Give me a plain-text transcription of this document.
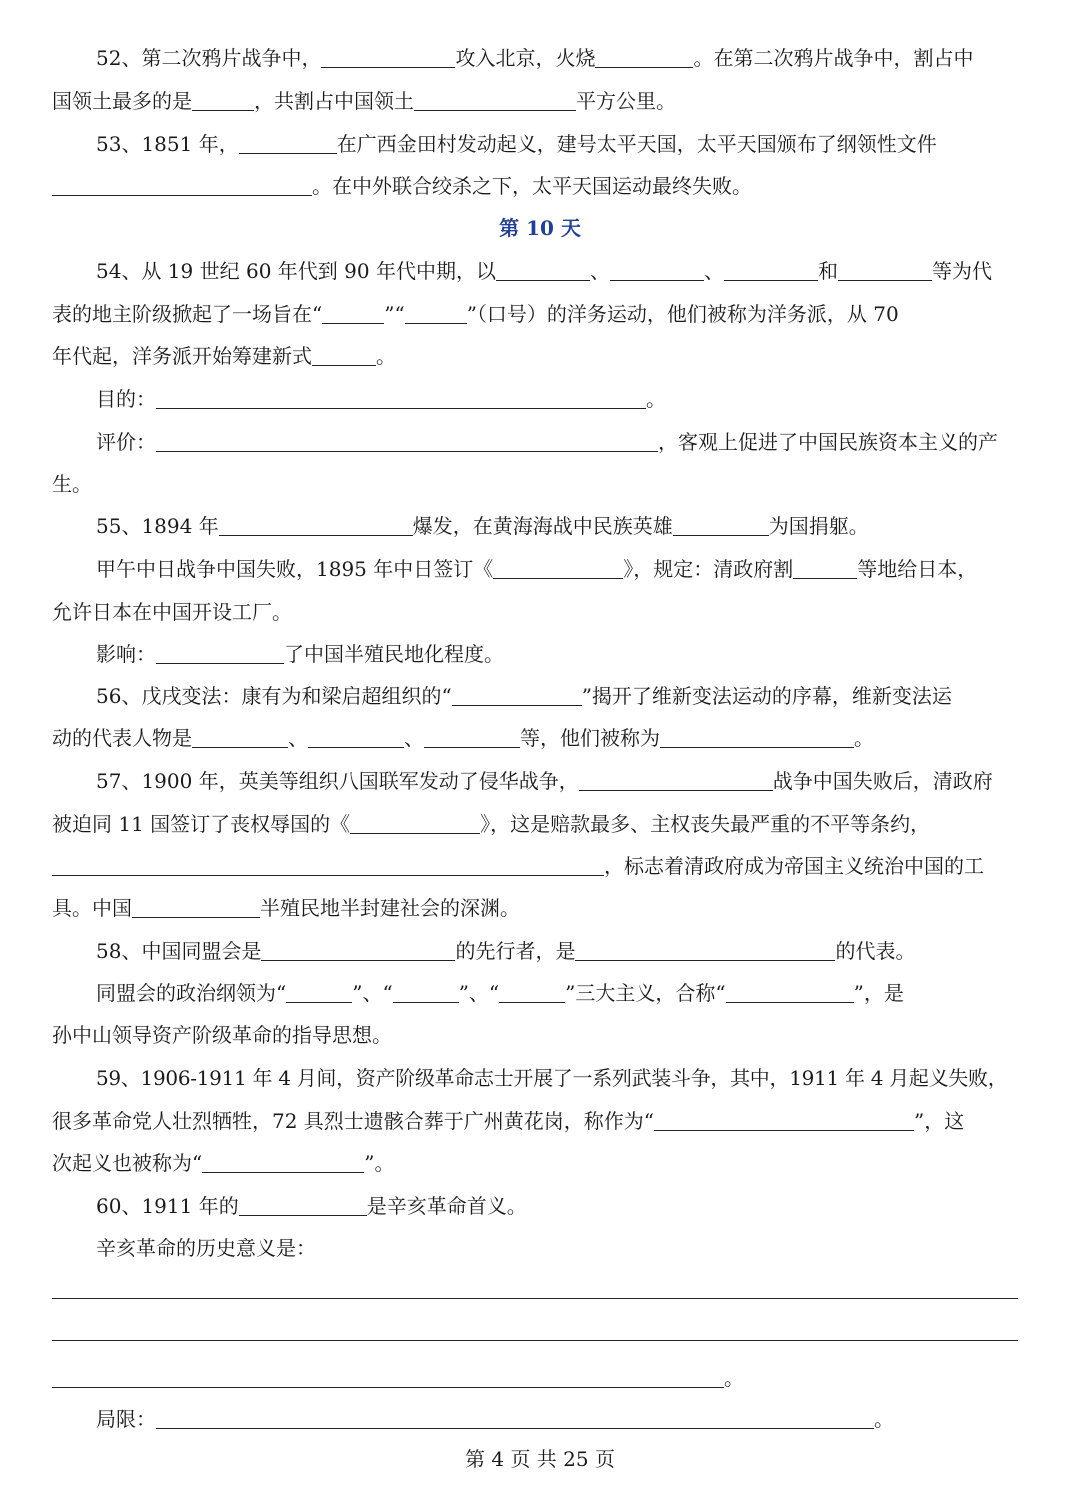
52、第二次鸦片战争中，	攻入北京，火烧	。在第二次鸦片战争中，割占中
国领土最多的是	，共割占中国领土	平方公里。
53、1851 年，	在广西金田村发动起义，建号太平天国，太平天国颁布了纲领性文件
。在中外联合绞杀之下，太平天国运动最终失败。
第 10 天
54、从 19 世纪 60 年代到 90 年代中期，以	、	、	和	等为代
表的地主阶级掀起了一场旨在“	”“	”（口号）的洋务运动，他们被称为洋务派，从 70
年代起，洋务派开始筹建新式	。
目的：	。
评价：	，客观上促进了中国民族资本主义的产
生。
55、1894 年	爆发，在黄海海战中民族英雄	为国捐躯。
甲午中日战争中国失败，1895 年中日签订《	》，规定：清政府割	等地给日本，
允许日本在中国开设工厂。
影响：	了中国半殖民地化程度。
56、戊戌变法：康有为和梁启超组织的“	”揭开了维新变法运动的序幕，维新变法运
动的代表人物是	、	、	等，他们被称为	。
57、1900 年，英美等组织八国联军发动了侵华战争，	战争中国失败后，清政府
被迫同 11 国签订了丧权辱国的《	》，这是赔款最多、主权丧失最严重的不平等条约，
，标志着清政府成为帝国主义统治中国的工
具。中国	半殖民地半封建社会的深渊。
58、中国同盟会是	的先行者，是	的代表。
同盟会的政治纲领为“	”、“	”、“	”三大主义，合称“	”，是
孙中山领导资产阶级革命的指导思想。
59、1906-1911 年 4 月间，资产阶级革命志士开展了一系列武装斗争，其中，1911 年 4 月起义失败，
很多革命党人壮烈牺牲，72 具烈士遗骸合葬于广州黄花岗，称作为“	”，这
次起义也被称为“	”。
60、1911 年的	是辛亥革命首义。
辛亥革命的历史意义是：
。
局限：	。
第 4 页 共 25 页
